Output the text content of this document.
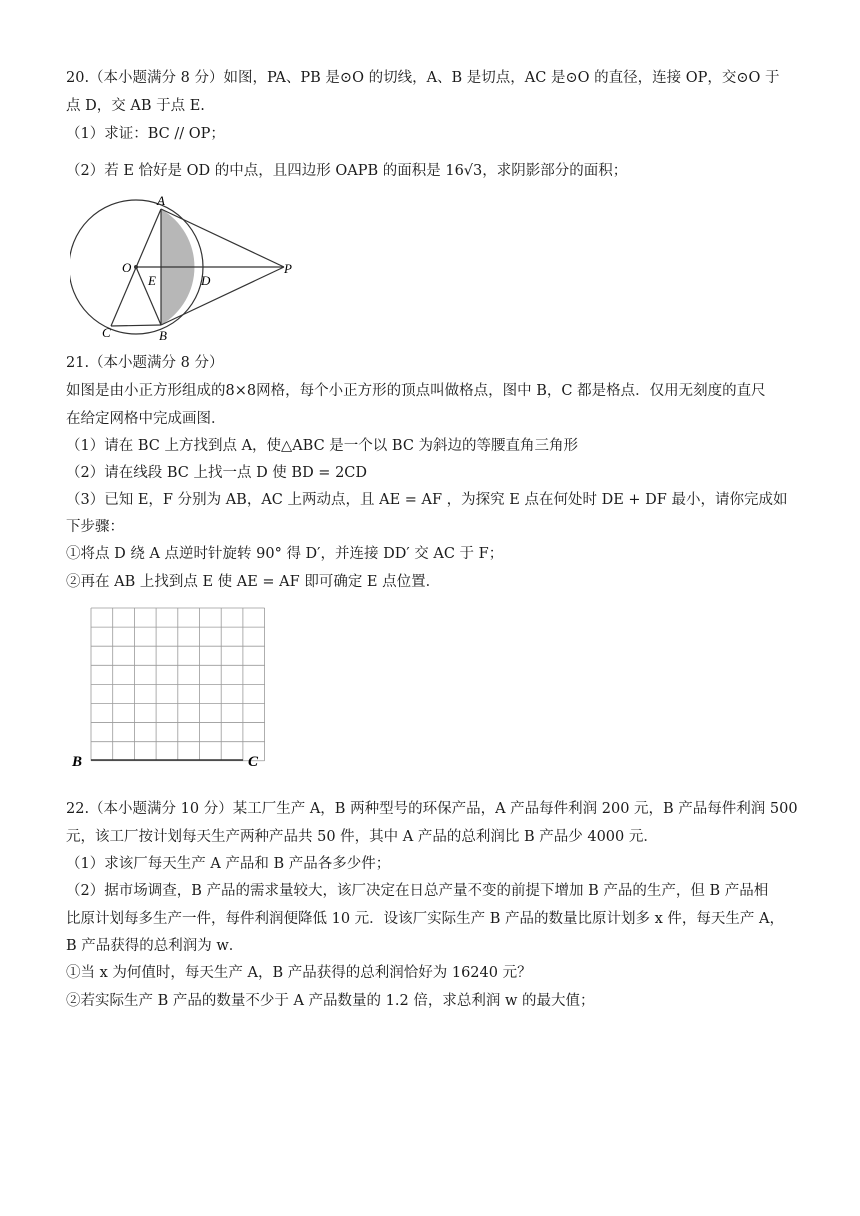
20.（本小题满分 8 分）如图，PA、PB 是⊙O 的切线，A、B 是切点，AC 是⊙O 的直径，连接 OP，交⊙O 于
点 D，交 AB 于点 E.
（1）求证：BC // OP；
（2）若 E 恰好是 OD 的中点，且四边形 OAPB 的面积是 16√3，求阴影部分的面积；
A
O
E	D
P
C	B
21.（本小题满分 8 分）
如图是由小正方形组成的8×8网格，每个小正方形的顶点叫做格点，图中 B，C 都是格点．仅用无刻度的直尺
在给定网格中完成画图．
（1）请在 BC 上方找到点 A，使△ABC 是一个以 BC 为斜边的等腰直角三角形
（2）请在线段 BC 上找一点 D 使 BD = 2CD
（3）已知 E，F 分别为 AB，AC 上两动点，且 AE = AF ，为探究 E 点在何处时 DE + DF 最小，请你完成如
下步骤：
①将点 D 绕 A 点逆时针旋转 90° 得 D′，并连接 DD′ 交 AC 于 F；
②再在 AB 上找到点 E 使 AE = AF 即可确定 E 点位置．
B	C
22.（本小题满分 10 分）某工厂生产 A，B 两种型号的环保产品，A 产品每件利润 200 元，B 产品每件利润 500
元，该工厂按计划每天生产两种产品共 50 件，其中 A 产品的总利润比 B 产品少 4000 元．
（1）求该厂每天生产 A 产品和 B 产品各多少件；
（2）据市场调查，B 产品的需求量较大，该厂决定在日总产量不变的前提下增加 B 产品的生产，但 B 产品相
比原计划每多生产一件，每件利润便降低 10 元．设该厂实际生产 B 产品的数量比原计划多 x 件，每天生产 A，
B 产品获得的总利润为 w．
①当 x 为何值时，每天生产 A，B 产品获得的总利润恰好为 16240 元？
②若实际生产 B 产品的数量不少于 A 产品数量的 1.2 倍，求总利润 w 的最大值；
